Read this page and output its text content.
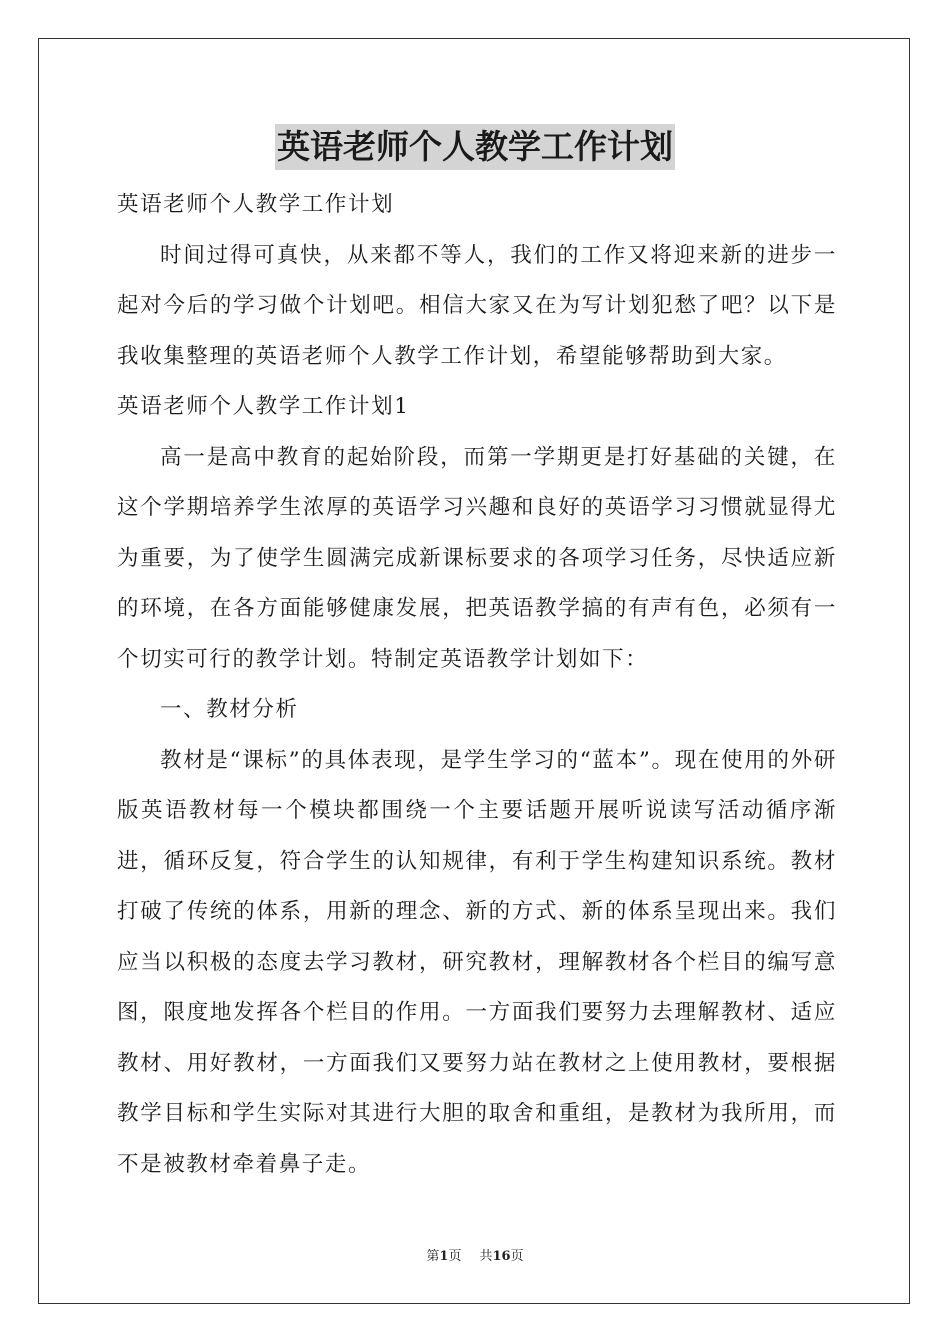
英语老师个人教学工作计划

英语老师个人教学工作计划

时间过得可真快，从来都不等人，我们的工作又将迎来新的进步一起对今后的学习做个计划吧。相信大家又在为写计划犯愁了吧？以下是我收集整理的英语老师个人教学工作计划，希望能够帮助到大家。

英语老师个人教学工作计划1

高一是高中教育的起始阶段，而第一学期更是打好基础的关键，在这个学期培养学生浓厚的英语学习兴趣和良好的英语学习习惯就显得尤为重要，为了使学生圆满完成新课标要求的各项学习任务，尽快适应新的环境，在各方面能够健康发展，把英语教学搞的有声有色，必须有一个切实可行的教学计划。特制定英语教学计划如下：

一、教材分析

教材是“课标”的具体表现，是学生学习的“蓝本”。现在使用的外研版英语教材每一个模块都围绕一个主要话题开展听说读写活动循序渐进，循环反复，符合学生的认知规律，有利于学生构建知识系统。教材打破了传统的体系，用新的理念、新的方式、新的体系呈现出来。我们应当以积极的态度去学习教材，研究教材，理解教材各个栏目的编写意图，限度地发挥各个栏目的作用。一方面我们要努力去理解教材、适应教材、用好教材，一方面我们又要努力站在教材之上使用教材，要根据教学目标和学生实际对其进行大胆的取舍和重组，是教材为我所用，而不是被教材牵着鼻子走。

第1页 共16页
